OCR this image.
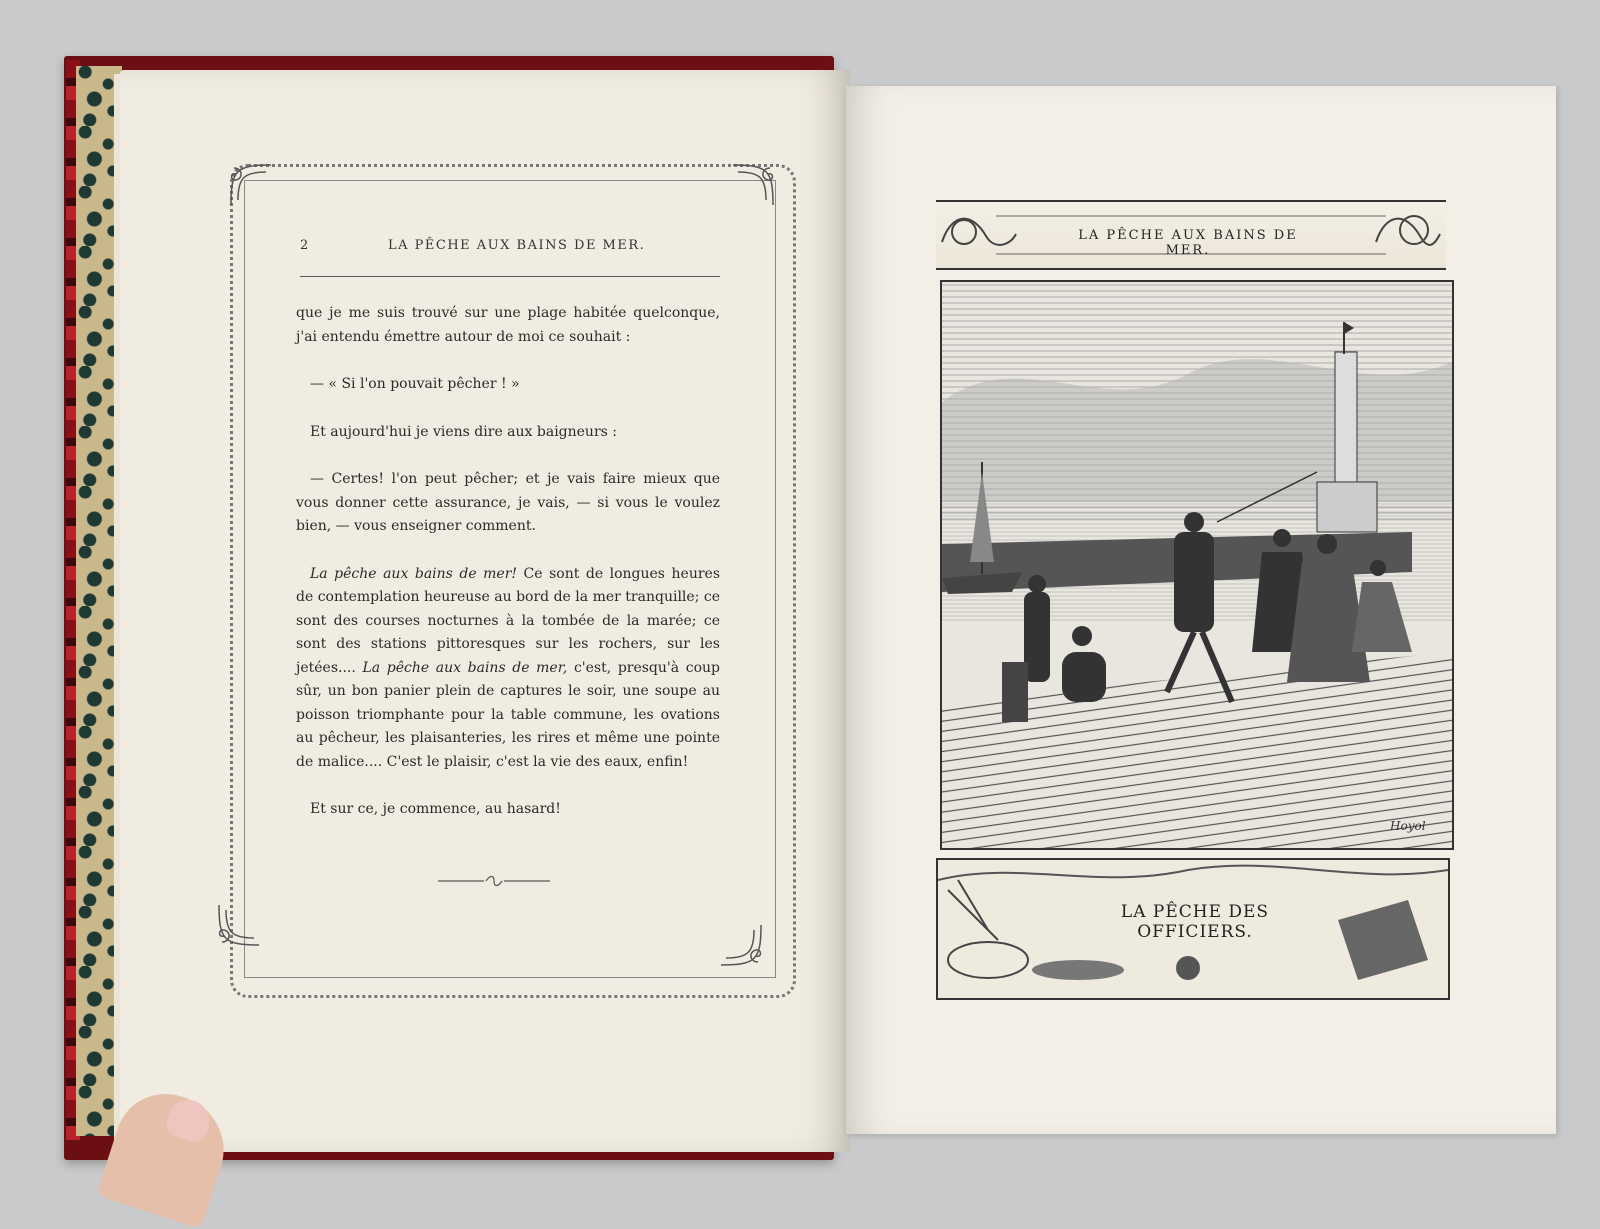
2	LA PÊCHE AUX BAINS DE MER.

que je me suis trouvé sur une plage habitée quelconque, j'ai entendu émettre autour de moi ce souhait :

— « Si l'on pouvait pêcher ! »

Et aujourd'hui je viens dire aux baigneurs :

— Certes! l'on peut pêcher; et je vais faire mieux que vous donner cette assurance, je vais, — si vous le voulez bien, — vous enseigner comment.

La pêche aux bains de mer! Ce sont de longues heures de contemplation heureuse au bord de la mer tranquille; ce sont des courses nocturnes à la tombée de la marée; ce sont des stations pittoresques sur les rochers, sur les jetées.... La pêche aux bains de mer, c'est, presqu'à coup sûr, un bon panier plein de captures le soir, une soupe au poisson triomphante pour la table commune, les ovations au pêcheur, les plaisanteries, les rires et même une pointe de malice.... C'est le plaisir, c'est la vie des eaux, enfin!

Et sur ce, je commence, au hasard!

LA PÊCHE AUX BAINS DE MER.
Hoyol
LA PÊCHE DES OFFICIERS.
